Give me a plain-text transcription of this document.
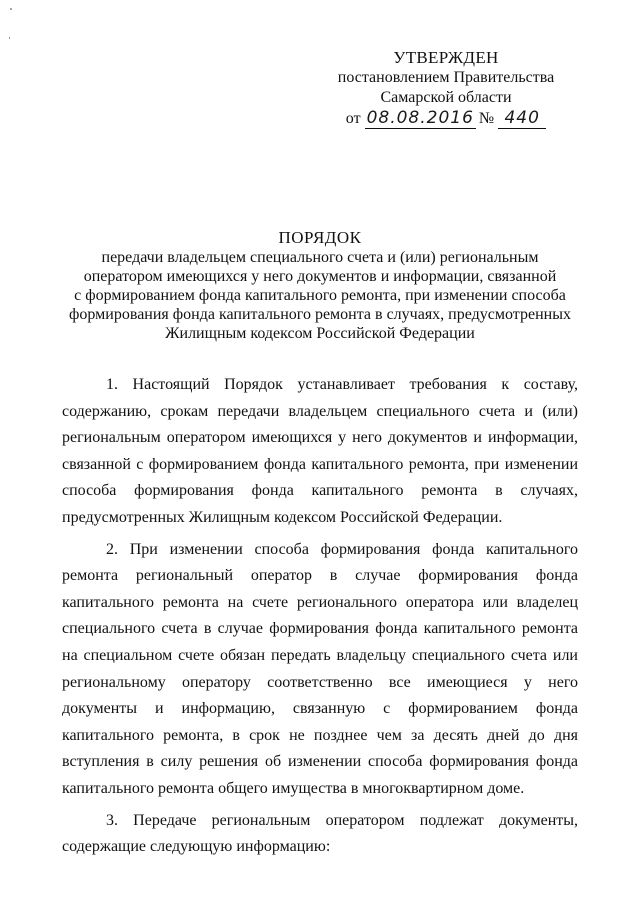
УТВЕРЖДЕН
постановлением Правительства
Самарской области
от 08.08.2016 № 440
ПОРЯДОК
передачи владельцем специального счета и (или) региональным
оператором имеющихся у него документов и информации, связанной
с формированием фонда капитального ремонта, при изменении способа
формирования фонда капитального ремонта в случаях, предусмотренных
Жилищным кодексом Российской Федерации

1. Настоящий Порядок устанавливает требования к составу, содержанию, срокам передачи владельцем специального счета и (или) региональным оператором имеющихся у него документов и информации, связанной с формированием фонда капитального ремонта, при изменении способа формирования фонда капитального ремонта в случаях, предусмотренных Жилищным кодексом Российской Федерации.

2. При изменении способа формирования фонда капитального ремонта региональный оператор в случае формирования фонда капитального ремонта на счете регионального оператора или владелец специального счета в случае формирования фонда капитального ремонта на специальном счете обязан передать владельцу специального счета или региональному оператору соответственно все имеющиеся у него документы и информацию, связанную с формированием фонда капитального ремонта, в срок не позднее чем за десять дней до дня вступления в силу решения об изменении способа формирования фонда капитального ремонта общего имущества в многоквартирном доме.

3. Передаче региональным оператором подлежат документы, содержащие следующую информацию:
